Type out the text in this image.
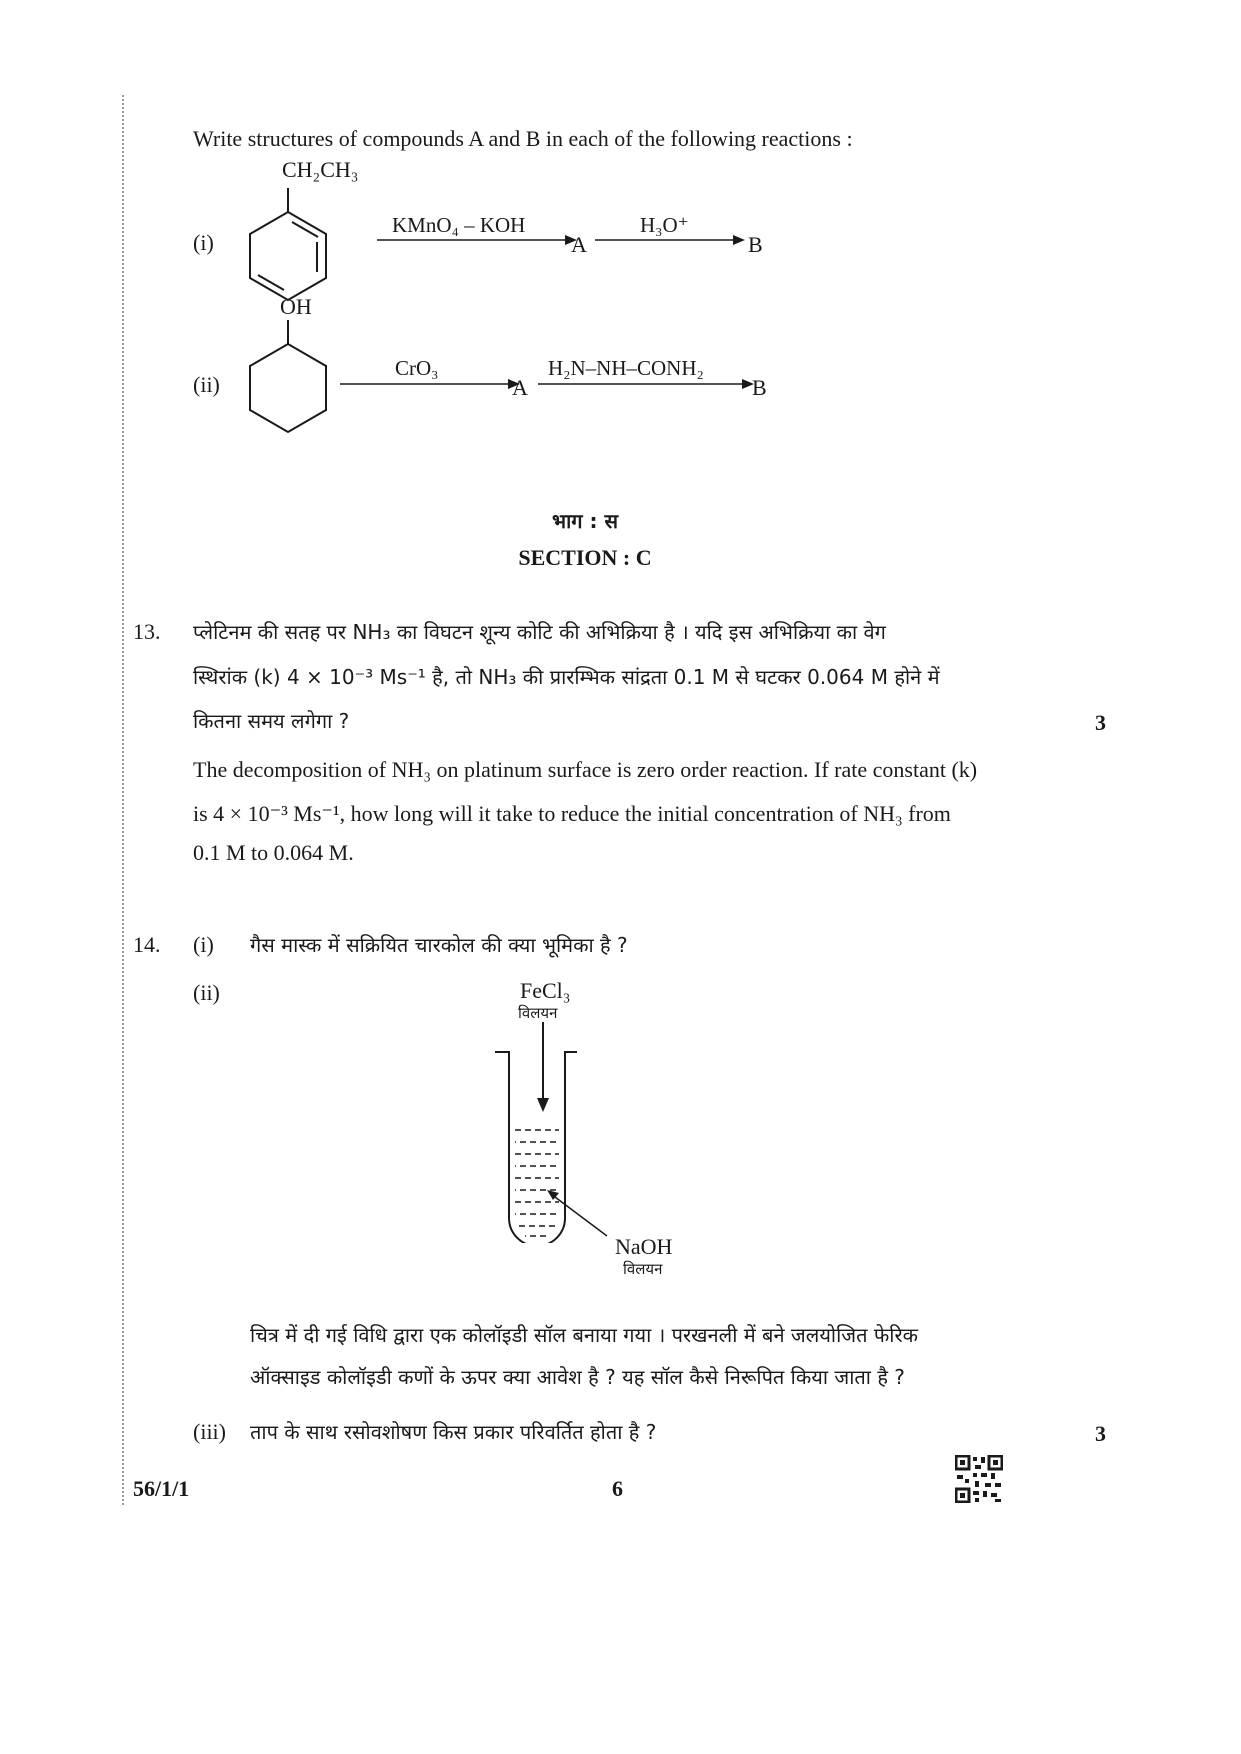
Write structures of compounds A and B in each of the following reactions :
(i)
CH₂CH₃
KMnO₄ – KOH
A
H₃O⁺
B
OH
(ii)
CrO₃
A
H₂N–NH–CONH₂
B
भाग : स
SECTION : C
13. प्लेटिनम की सतह पर NH₃ का विघटन शून्य कोटि की अभिक्रिया है । यदि इस अभिक्रिया का वेग
स्थिरांक (k) 4 × 10⁻³ Ms⁻¹ है, तो NH₃ की प्रारम्भिक सांद्रता 0.1 M से घटकर 0.064 M होने में
कितना समय लगेगा ?	3
The decomposition of NH₃ on platinum surface is zero order reaction. If rate constant (k)
is 4 × 10⁻³ Ms⁻¹, how long will it take to reduce the initial concentration of NH₃ from
0.1 M to 0.064 M.
14. (i) गैस मास्क में सक्रियित चारकोल की क्या भूमिका है ?
(ii)	FeCl₃
विलयन
NaOH
विलयन
चित्र में दी गई विधि द्वारा एक कोलॉइडी सॉल बनाया गया । परखनली में बने जलयोजित फेरिक
ऑक्साइड कोलॉइडी कणों के ऊपर क्या आवेश है ? यह सॉल कैसे निरूपित किया जाता है ?
(iii) ताप के साथ रसोवशोषण किस प्रकार परिवर्तित होता है ?	3
56/1/1	6
